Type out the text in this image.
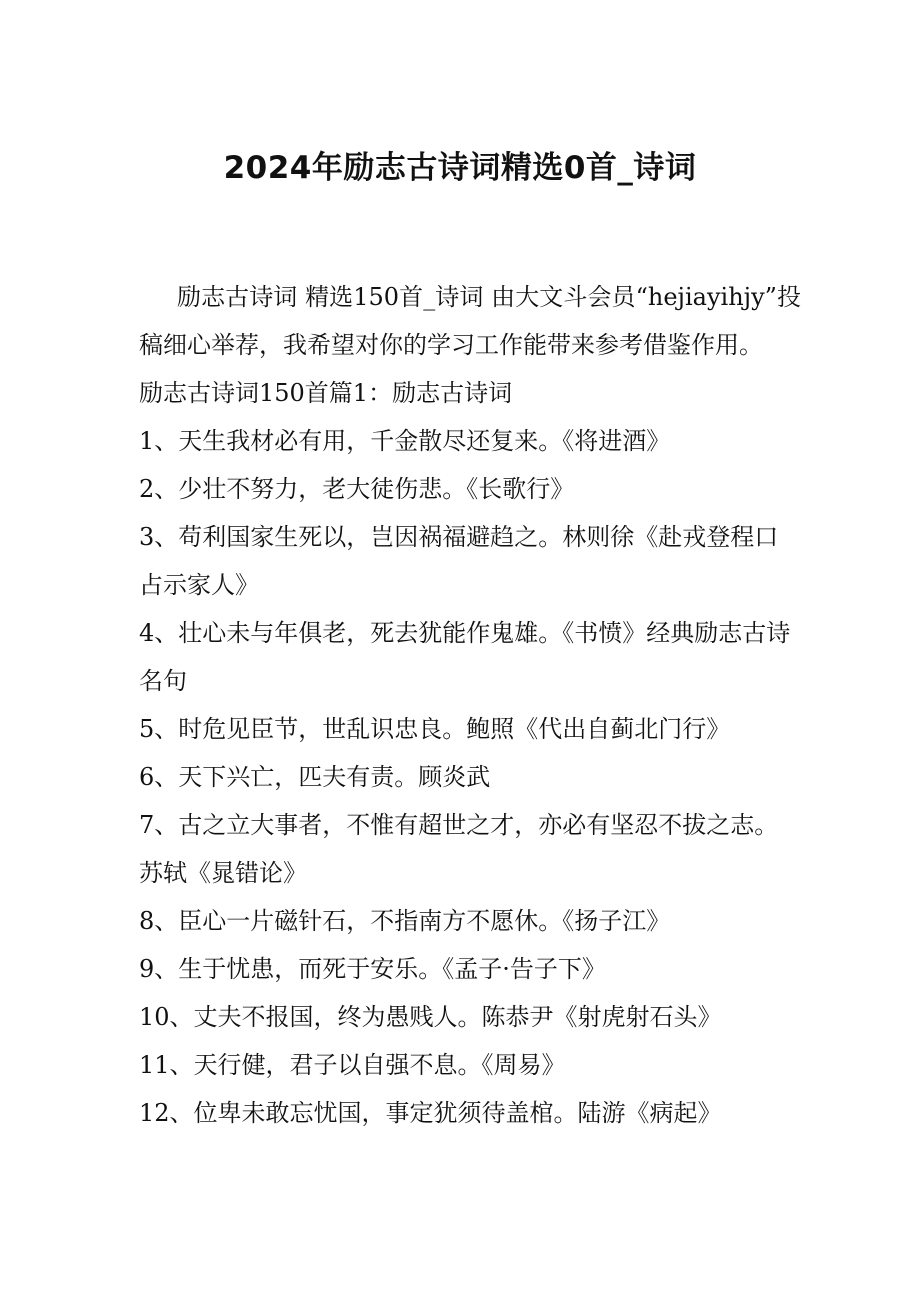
2024年励志古诗词精选0首_诗词

励志古诗词 精选150首_诗词 由大文斗会员“hejiayihjy”投稿细心举荐，我希望对你的学习工作能带来参考借鉴作用。

励志古诗词150首篇1：励志古诗词

1、天生我材必有用，千金散尽还复来。《将进酒》

2、少壮不努力，老大徒伤悲。《长歌行》

3、苟利国家生死以，岂因祸福避趋之。林则徐《赴戎登程口占示家人》

4、壮心未与年俱老，死去犹能作鬼雄。《书愤》经典励志古诗名句

5、时危见臣节，世乱识忠良。鲍照《代出自蓟北门行》

6、天下兴亡，匹夫有责。顾炎武

7、古之立大事者，不惟有超世之才，亦必有坚忍不拔之志。苏轼《晁错论》

8、臣心一片磁针石，不指南方不愿休。《扬子江》

9、生于忧患，而死于安乐。《孟子·告子下》

10、丈夫不报国，终为愚贱人。陈恭尹《射虎射石头》

11、天行健，君子以自强不息。《周易》

12、位卑未敢忘忧国，事定犹须待盖棺。陆游《病起》
